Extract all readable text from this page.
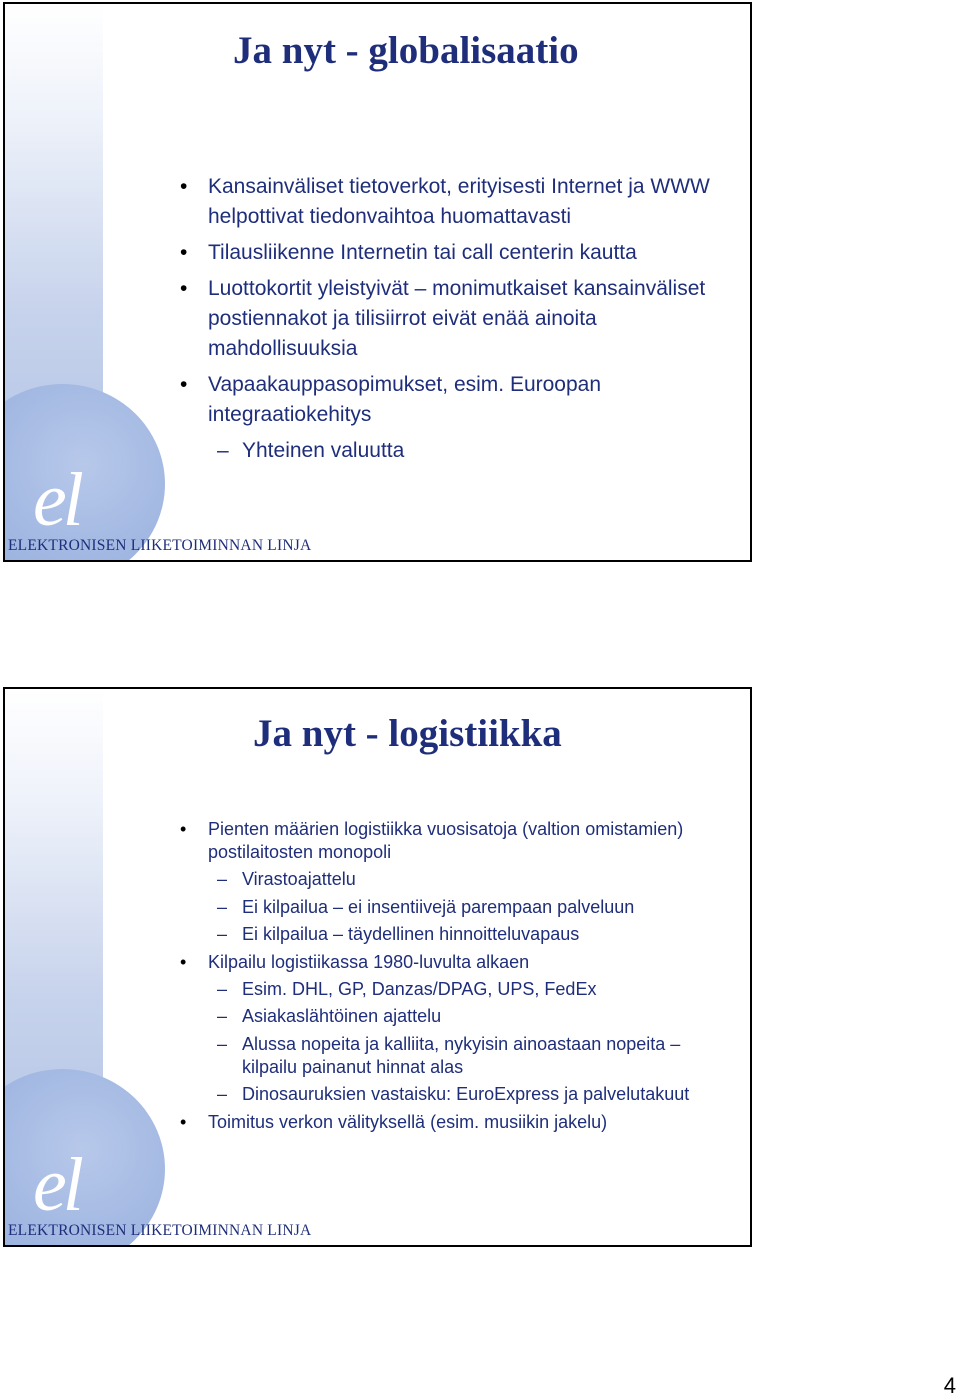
el
ELEKTRONISEN LIIKETOIMINNAN LINJA
Ja nyt - globalisaatio
• Kansainväliset tietoverkot, erityisesti Internet ja WWW helpottivat tiedonvaihtoa huomattavasti
• Tilausliikenne Internetin tai call centerin kautta
• Luottokortit yleistyivät – monimutkaiset kansainväliset postiennakot ja tilisiirrot eivät enää ainoita mahdollisuuksia
• Vapaakauppasopimukset, esim. Euroopan integraatiokehitys
– Yhteinen valuutta
el
ELEKTRONISEN LIIKETOIMINNAN LINJA
Ja nyt - logistiikka
• Pienten määrien logistiikka vuosisatoja (valtion omistamien) postilaitosten monopoli
– Virastoajattelu
– Ei kilpailua – ei insentiivejä parempaan palveluun
– Ei kilpailua – täydellinen hinnoitteluvapaus
• Kilpailu logistiikassa 1980-luvulta alkaen
– Esim. DHL, GP, Danzas/DPAG, UPS, FedEx
– Asiakaslähtöinen ajattelu
– Alussa nopeita ja kalliita, nykyisin ainoastaan nopeita – kilpailu painanut hinnat alas
– Dinosauruksien vastaisku: EuroExpress ja palvelutakuut
• Toimitus verkon välityksellä (esim. musiikin jakelu)
4
